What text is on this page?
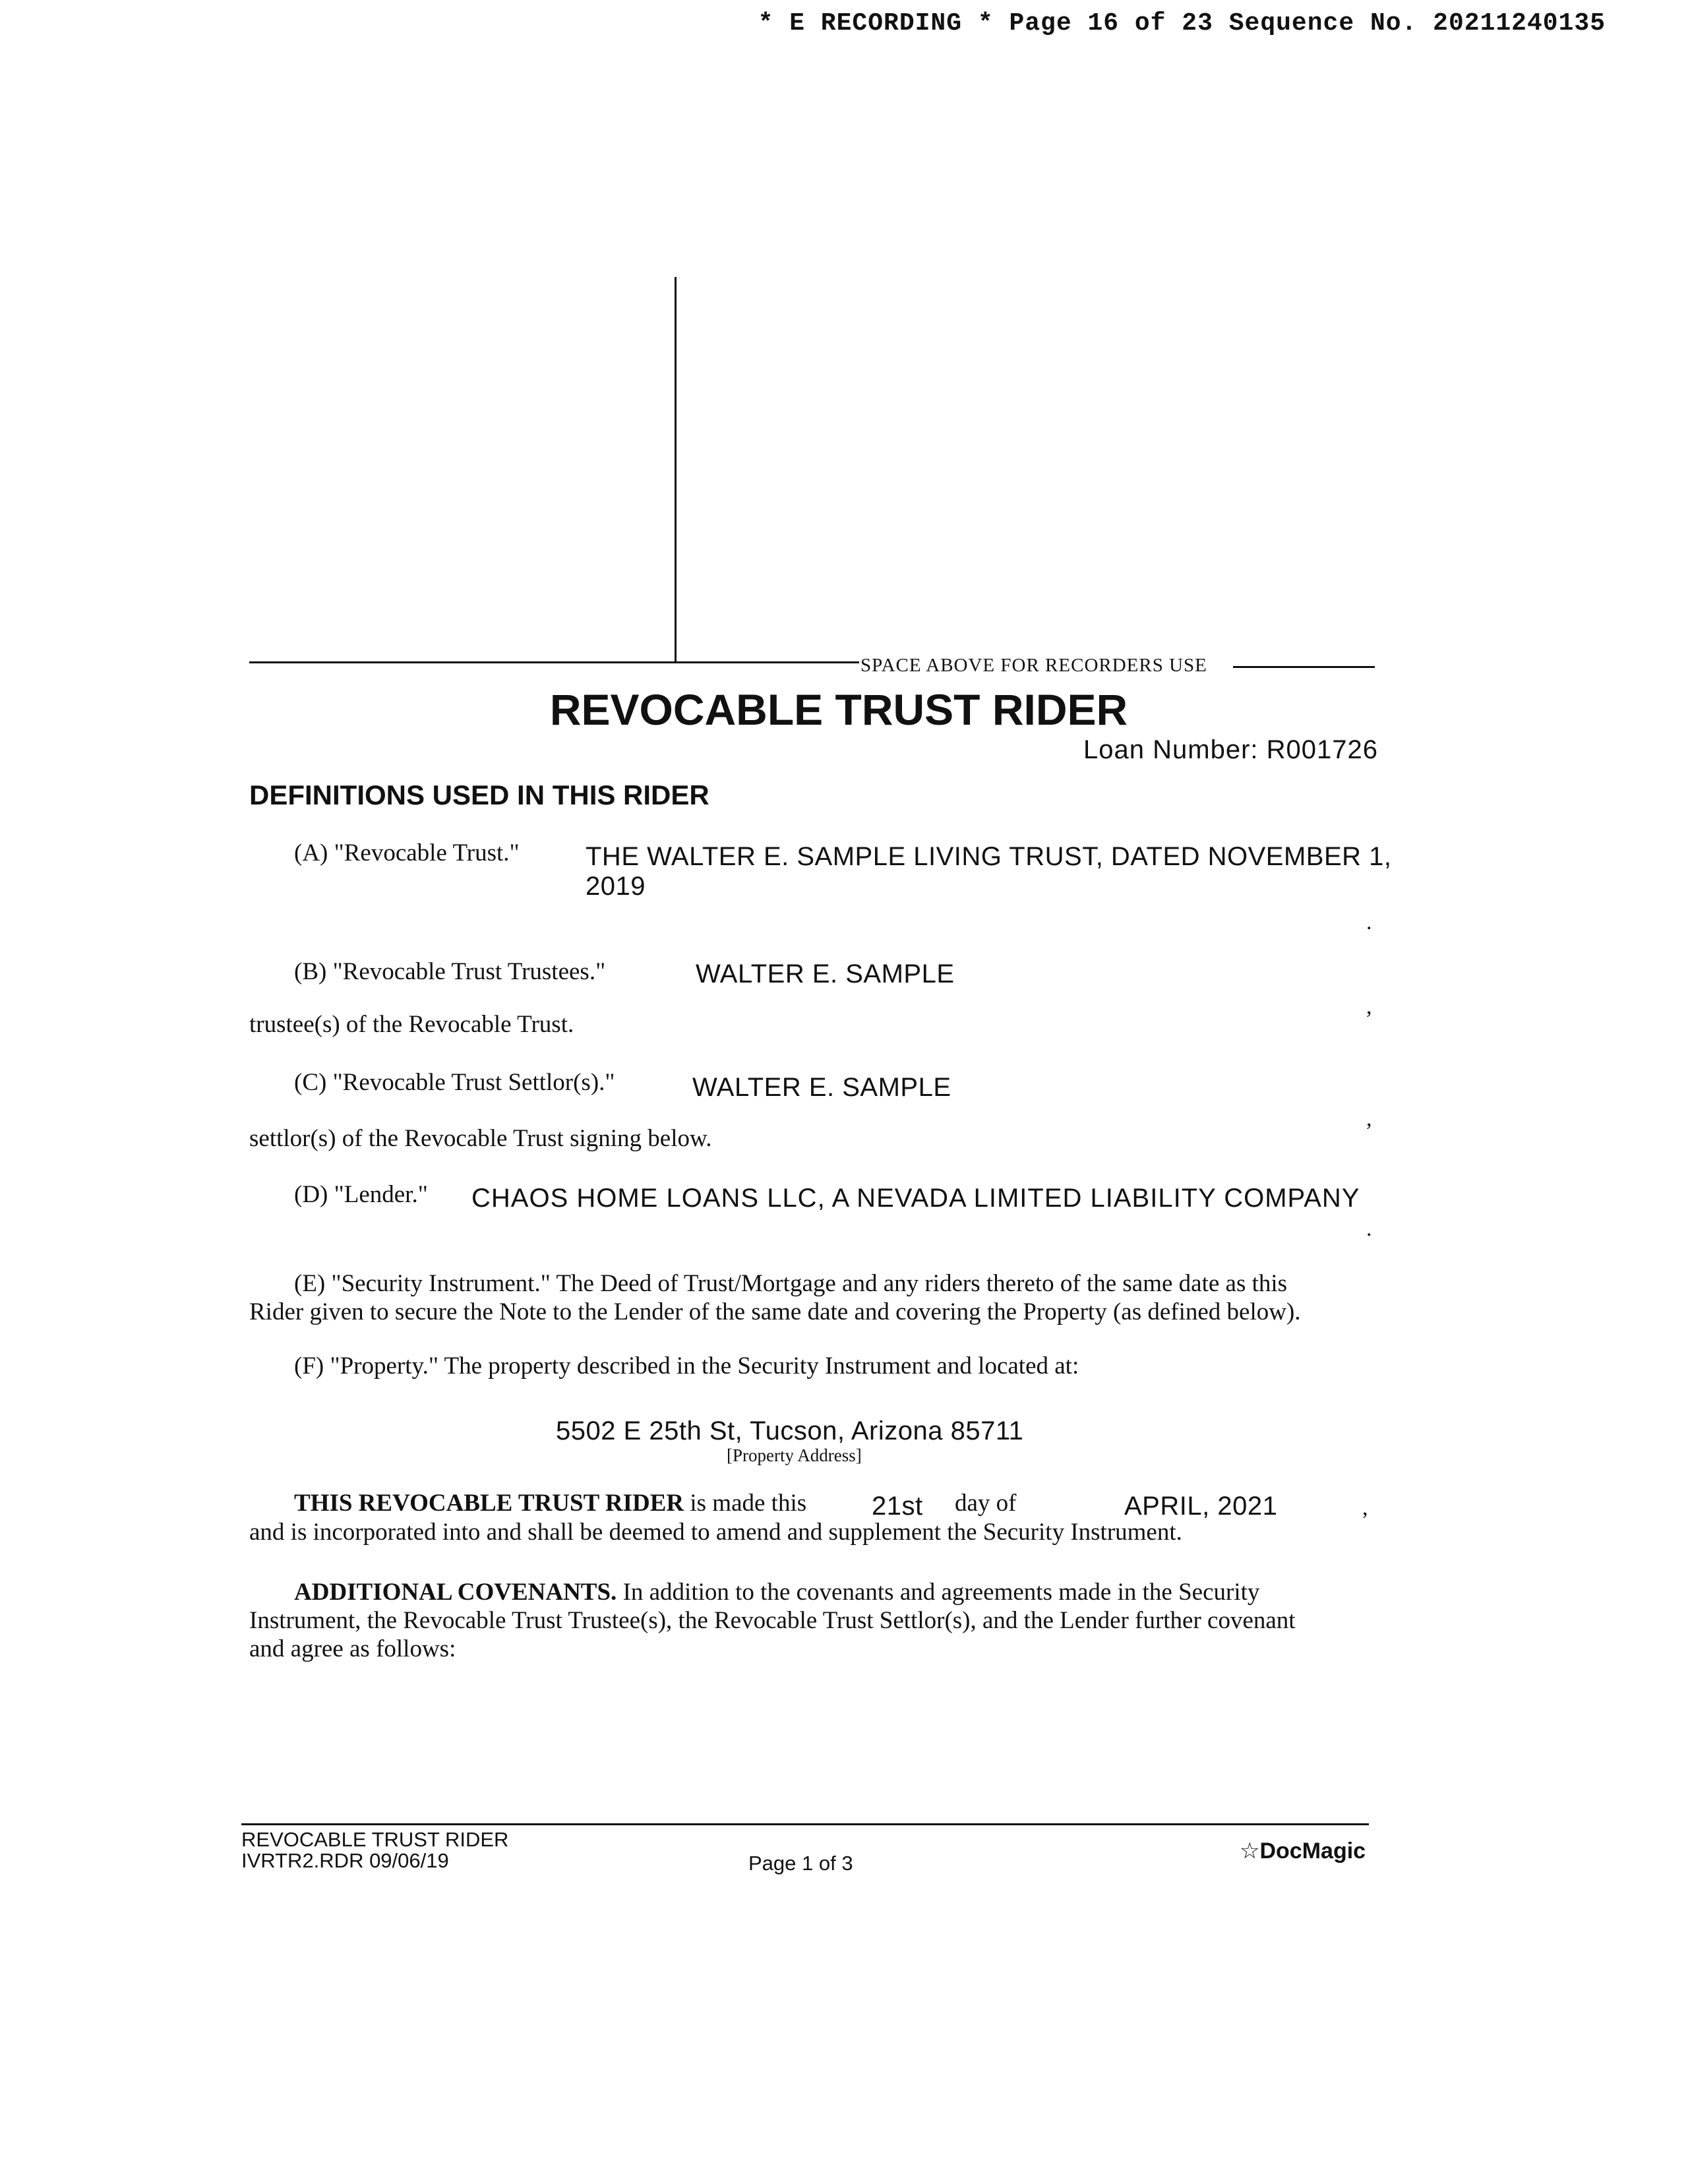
* E RECORDING * Page 16 of 23 Sequence No. 20211240135
SPACE ABOVE FOR RECORDERS USE
REVOCABLE TRUST RIDER
Loan Number: R001726
DEFINITIONS USED IN THIS RIDER
(A) "Revocable Trust."	THE WALTER E. SAMPLE LIVING TRUST, DATED NOVEMBER 1,
2019
.
(B) "Revocable Trust Trustees."	WALTER E. SAMPLE
,
trustee(s) of the Revocable Trust.
(C) "Revocable Trust Settlor(s)."	WALTER E. SAMPLE
,
settlor(s) of the Revocable Trust signing below.
(D) "Lender." CHAOS HOME LOANS LLC, A NEVADA LIMITED LIABILITY COMPANY
.
(E) "Security Instrument." The Deed of Trust/Mortgage and any riders thereto of the same date as this
Rider given to secure the Note to the Lender of the same date and covering the Property (as defined below).
(F) "Property." The property described in the Security Instrument and located at:
5502 E 25th St, Tucson, Arizona 85711
[Property Address]
THIS REVOCABLE TRUST RIDER is made this 21st day of	APRIL, 2021	,
and is incorporated into and shall be deemed to amend and supplement the Security Instrument.
ADDITIONAL COVENANTS. In addition to the covenants and agreements made in the Security
Instrument, the Revocable Trust Trustee(s), the Revocable Trust Settlor(s), and the Lender further covenant
and agree as follows:
REVOCABLE TRUST RIDER
IVRTR2.RDR 09/06/19	Page 1 of 3	☆DocMagic
